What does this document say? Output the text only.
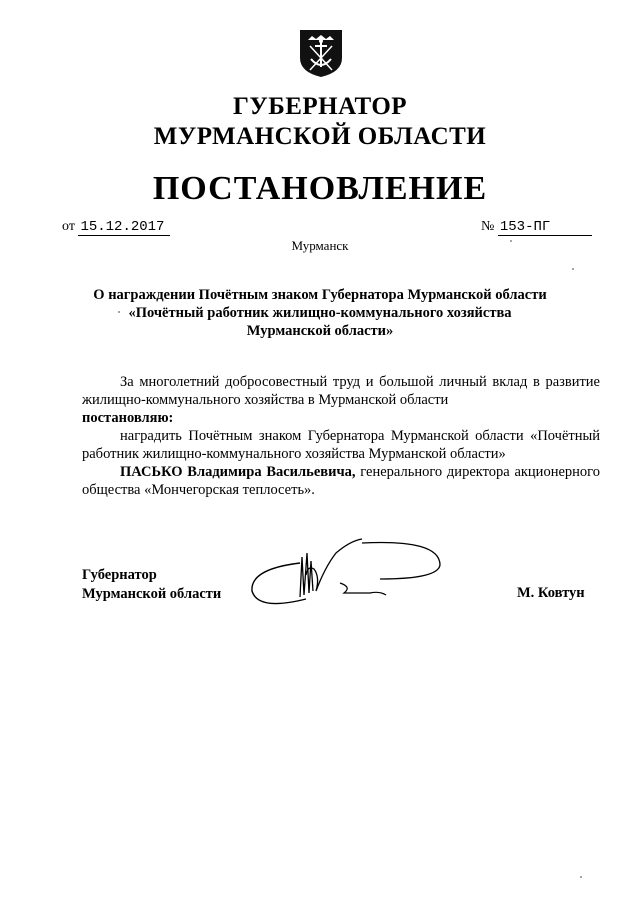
ГУБЕРНАТОР
МУРМАНСКОЙ ОБЛАСТИ
ПОСТАНОВЛЕНИЕ
от 15.12.2017	№ 153-ПГ
Мурманск
О награждении Почётным знаком Губернатора Мурманской области
«Почётный работник жилищно-коммунального хозяйства
Мурманской области»

За многолетний добросовестный труд и большой личный вклад в развитие жилищно-коммунального хозяйства в Мурманской области

постановляю:

наградить Почётным знаком Губернатора Мурманской области «Почётный работник жилищно-коммунального хозяйства Мурманской области»

ПАСЬКО Владимира Васильевича, генерального директора акционерного общества «Мончегорская теплосеть».

Губернатор
Мурманской области	М. Ковтун
